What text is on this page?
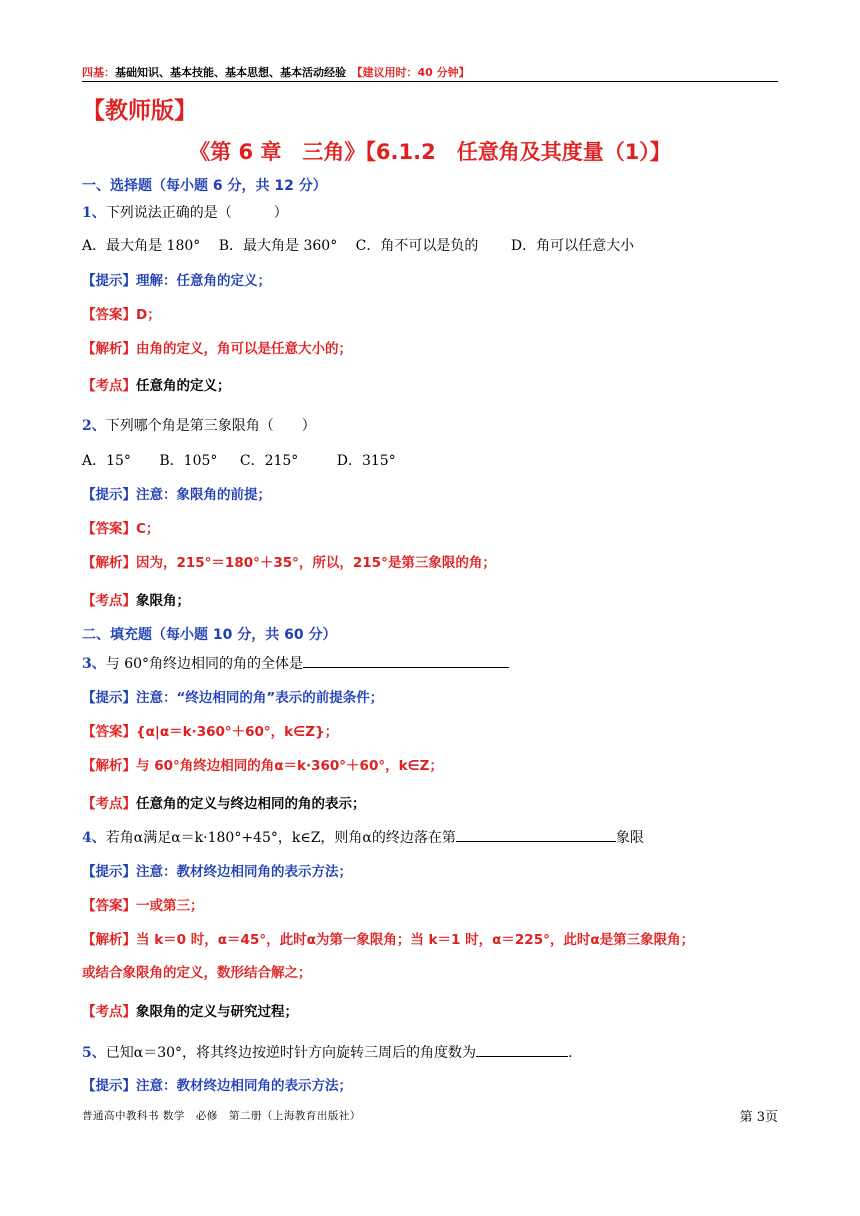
四基：基础知识、基本技能、基本思想、基本活动经验　 【建议用时：40 分钟】
【教师版】
《第 6 章　三角》【6.1.2　任意角及其度量（1）】
一、选择题（每小题 6 分，共 12 分）
1、下列说法正确的是（　　　）
A．最大角是 180° B．最大角是 360° C．角不可以是负的 D．角可以任意大小
【提示】理解：任意角的定义；
【答案】D；
【解析】由角的定义，角可以是任意大小的；
【考点】任意角的定义；
2、下列哪个角是第三象限角（　　）
A．15° B．105° C．215°	D．315°
【提示】注意：象限角的前提；
【答案】C；
【解析】因为，215°＝180°＋35°，所以，215°是第三象限的角；
【考点】象限角；
二、填充题（每小题 10 分，共 60 分）
3、与 60°角终边相同的角的全体是
【提示】注意：“终边相同的角”表示的前提条件；
【答案】{α|α＝k·360°＋60°，k∈Z}；
【解析】与 60°角终边相同的角α＝k·360°＋60°，k∈Z；
【考点】任意角的定义与终边相同的角的表示；
4、若角α满足α＝k·180°+45°，k∈Z，则角α的终边落在第	象限
【提示】注意：教材终边相同角的表示方法；
【答案】一或第三；
【解析】当 k＝0 时，α＝45°，此时α为第一象限角；当 k＝1 时，α＝225°，此时α是第三象限角；
或结合象限角的定义，数形结合解之；
【考点】象限角的定义与研究过程；
5、已知α＝30°，将其终边按逆时针方向旋转三周后的角度数为	.
【提示】注意：教材终边相同角的表示方法；
普通高中教科书 数学　必修　第二册（上海教育出版社）	第 3页
